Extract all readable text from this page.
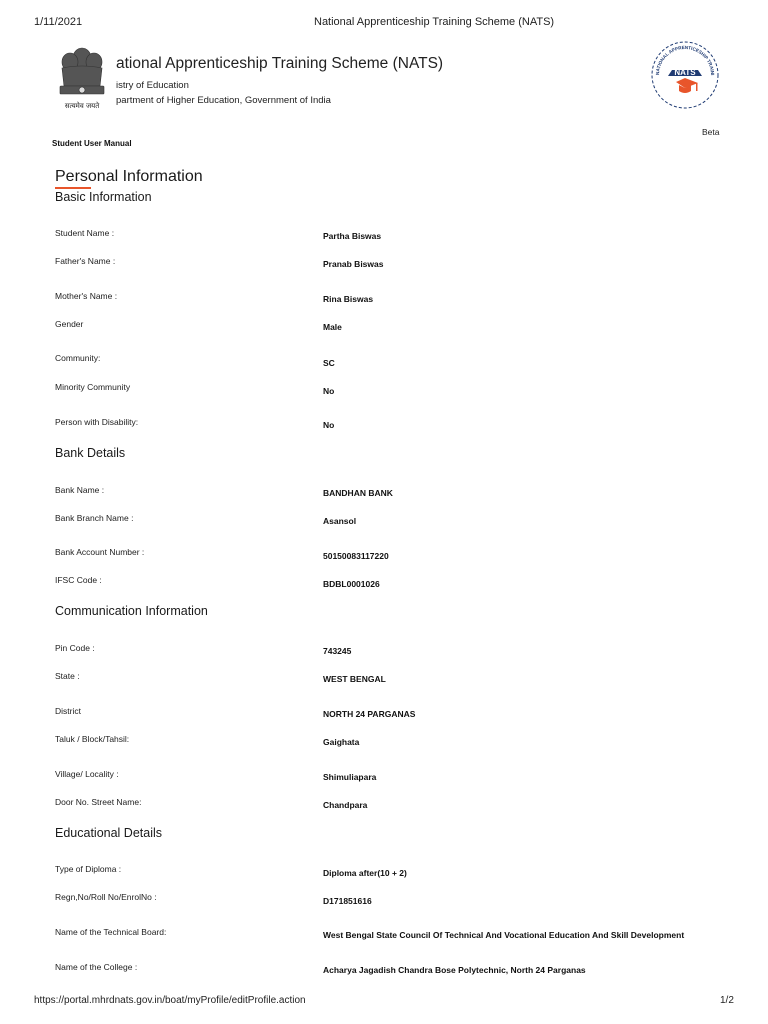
1/11/2021	National Apprenticeship Training Scheme (NATS)
सत्यमेव जयते
ational Apprenticeship Training Scheme (NATS)
istry of Education
partment of Higher Education, Government of India
NATIONAL APPRENTICESHIP TRAINI
NATS
Beta
Student User Manual
Personal Information
Basic Information
Bank Details
Communication Information
Educational Details
Student Name :
Father's Name :
Mother's Name :
Gender
Community:
Minority Community
Person with Disability:
Bank Name :
Bank Branch Name :
Bank Account Number :
IFSC Code :
Pin Code :
State :
District
Taluk / Block/Tahsil:
Village/ Locality :
Door No. Street Name:
Type of Diploma :
Regn,No/Roll No/EnrolNo :
Name of the Technical Board:
Name of the College :
Partha Biswas
Pranab Biswas
Rina Biswas
Male
SC
No
No
BANDHAN BANK
Asansol
50150083117220
BDBL0001026
743245
WEST BENGAL
NORTH 24 PARGANAS
Gaighata
Shimuliapara
Chandpara
Diploma after(10 + 2)
D171851616
West Bengal State Council Of Technical And Vocational Education And Skill Development
Acharya Jagadish Chandra Bose Polytechnic, North 24 Parganas
https://portal.mhrdnats.gov.in/boat/myProfile/editProfile.action	1/2
